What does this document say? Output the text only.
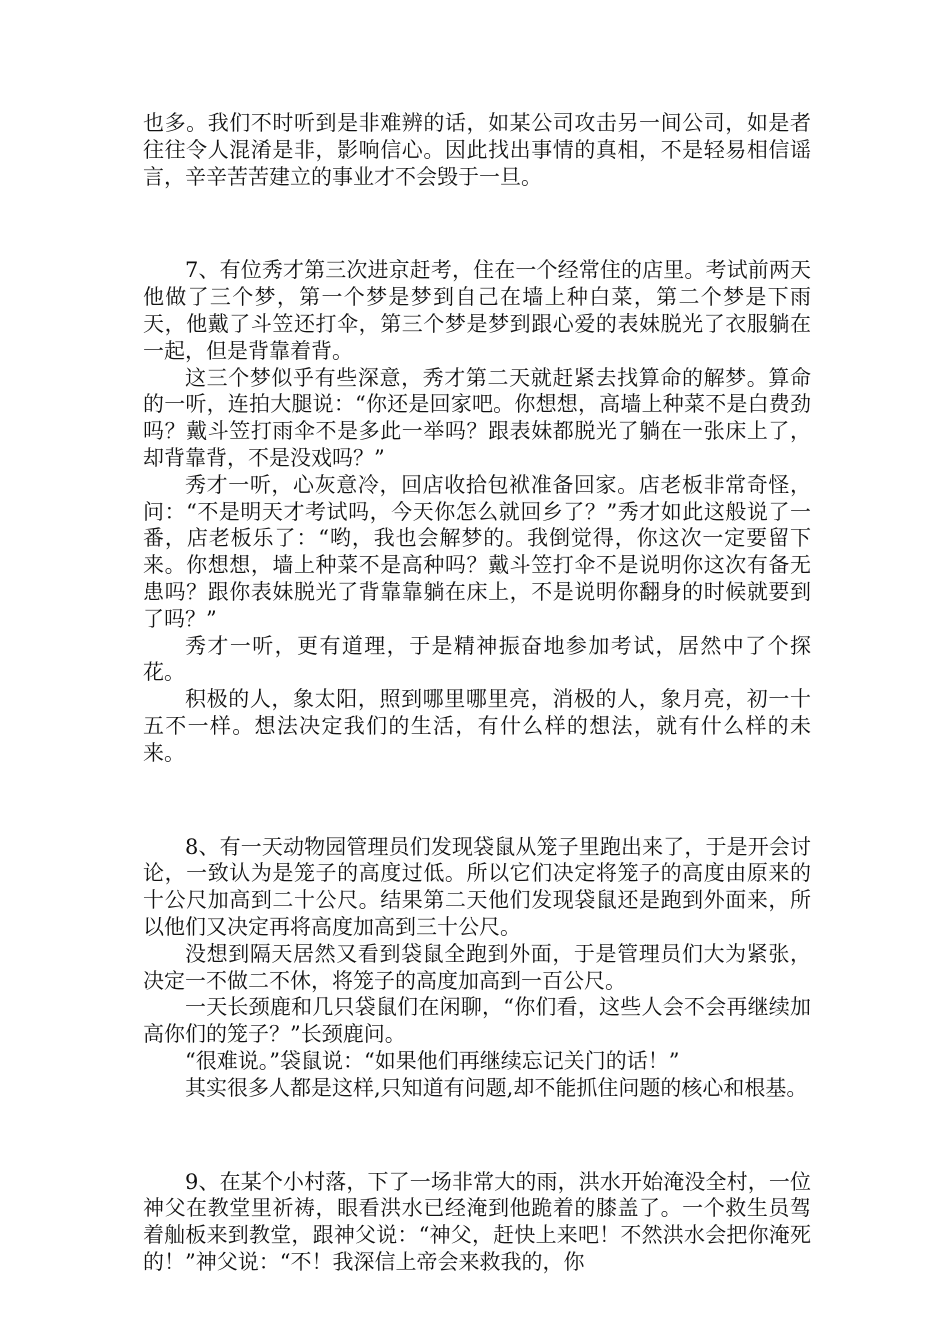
也多。我们不时听到是非难辨的话，如某公司攻击另一间公司，如是者往往令人混淆是非，影响信心。因此找出事情的真相，不是轻易相信谣言，辛辛苦苦建立的事业才不会毁于一旦。

7、有位秀才第三次进京赶考，住在一个经常住的店里。考试前两天他做了三个梦，第一个梦是梦到自己在墙上种白菜，第二个梦是下雨天，他戴了斗笠还打伞，第三个梦是梦到跟心爱的表妹脱光了衣服躺在一起，但是背靠着背。

这三个梦似乎有些深意，秀才第二天就赶紧去找算命的解梦。算命的一听，连拍大腿说：“你还是回家吧。你想想，高墙上种菜不是白费劲吗？戴斗笠打雨伞不是多此一举吗？跟表妹都脱光了躺在一张床上了，却背靠背，不是没戏吗？”

秀才一听，心灰意冷，回店收拾包袱准备回家。店老板非常奇怪，问：“不是明天才考试吗，今天你怎么就回乡了？”秀才如此这般说了一番，店老板乐了：“哟，我也会解梦的。我倒觉得，你这次一定要留下来。你想想，墙上种菜不是高种吗？戴斗笠打伞不是说明你这次有备无患吗？跟你表妹脱光了背靠靠躺在床上，不是说明你翻身的时候就要到了吗？”

秀才一听，更有道理，于是精神振奋地参加考试，居然中了个探花。

积极的人，象太阳，照到哪里哪里亮，消极的人，象月亮，初一十五不一样。想法决定我们的生活，有什么样的想法，就有什么样的未来。

8、有一天动物园管理员们发现袋鼠从笼子里跑出来了，于是开会讨论，一致认为是笼子的高度过低。所以它们决定将笼子的高度由原来的十公尺加高到二十公尺。结果第二天他们发现袋鼠还是跑到外面来，所以他们又决定再将高度加高到三十公尺。

没想到隔天居然又看到袋鼠全跑到外面，于是管理员们大为紧张，决定一不做二不休，将笼子的高度加高到一百公尺。

一天长颈鹿和几只袋鼠们在闲聊，“你们看，这些人会不会再继续加高你们的笼子？”长颈鹿问。

“很难说。”袋鼠说：“如果他们再继续忘记关门的话！”

其实很多人都是这样,只知道有问题,却不能抓住问题的核心和根基。

9、在某个小村落，下了一场非常大的雨，洪水开始淹没全村，一位神父在教堂里祈祷，眼看洪水已经淹到他跪着的膝盖了。一个救生员驾着舢板来到教堂，跟神父说：“神父，赶快上来吧！不然洪水会把你淹死的！”神父说：“不！我深信上帝会来救我的，你
